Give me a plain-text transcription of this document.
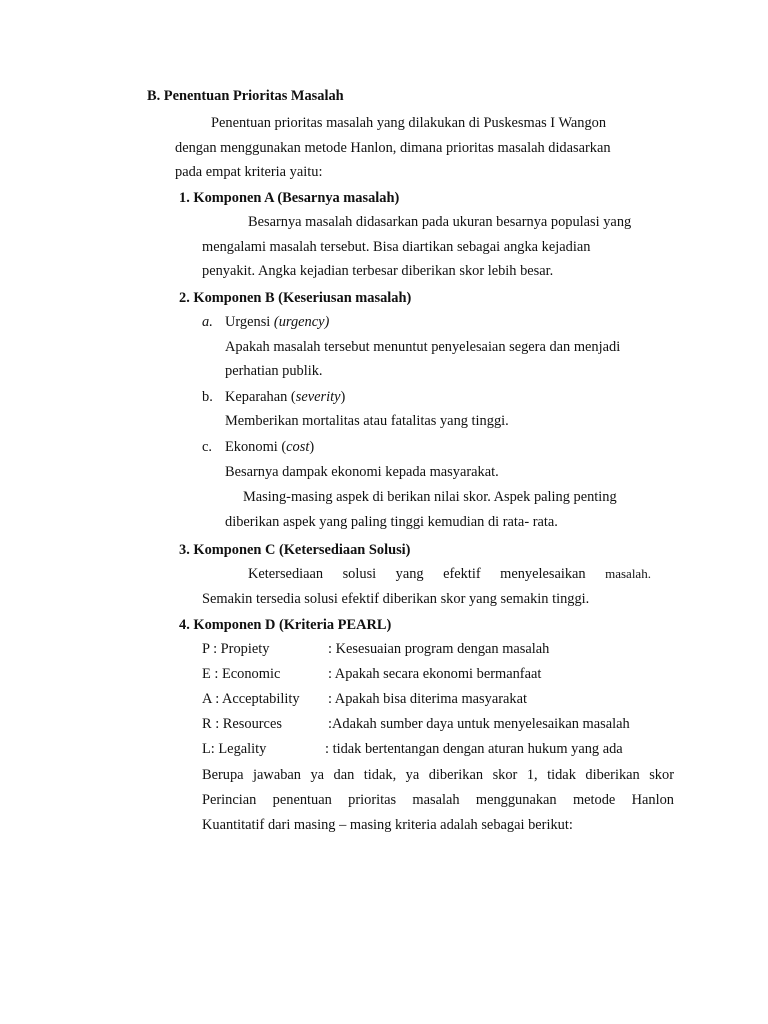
B. Penentuan Prioritas Masalah
Penentuan prioritas masalah yang dilakukan di Puskesmas I Wangon
dengan menggunakan metode Hanlon, dimana prioritas masalah didasarkan
pada empat kriteria yaitu:
1. Komponen A (Besarnya masalah)
Besarnya masalah didasarkan pada ukuran besarnya populasi yang
mengalami masalah tersebut. Bisa diartikan sebagai angka kejadian
penyakit. Angka kejadian terbesar diberikan skor lebih besar.
2. Komponen B (Keseriusan masalah)
a. Urgensi (urgency)
Apakah masalah tersebut menuntut penyelesaian segera dan menjadi
perhatian publik.
b. Keparahan (severity)
Memberikan mortalitas atau fatalitas yang tinggi.
c. Ekonomi (cost)
Besarnya dampak ekonomi kepada masyarakat.
Masing-masing aspek di berikan nilai skor. Aspek paling penting
diberikan aspek yang paling tinggi kemudian di rata- rata.
3. Komponen C (Ketersediaan Solusi)
Ketersediaan solusi yang efektif menyelesaikan masalah.
Semakin tersedia solusi efektif diberikan skor yang semakin tinggi.
4. Komponen D (Kriteria PEARL)
P : Propiety	: Kesesuaian program dengan masalah
E : Economic	: Apakah secara ekonomi bermanfaat
A : Acceptability : Apakah bisa diterima masyarakat
R : Resources	:Adakah sumber daya untuk menyelesaikan masalah
L: Legality	: tidak bertentangan dengan aturan hukum yang ada
Berupa jawaban ya dan tidak, ya diberikan skor 1, tidak diberikan skor
Perincian penentuan prioritas masalah menggunakan metode Hanlon
Kuantitatif dari masing – masing kriteria adalah sebagai berikut:
